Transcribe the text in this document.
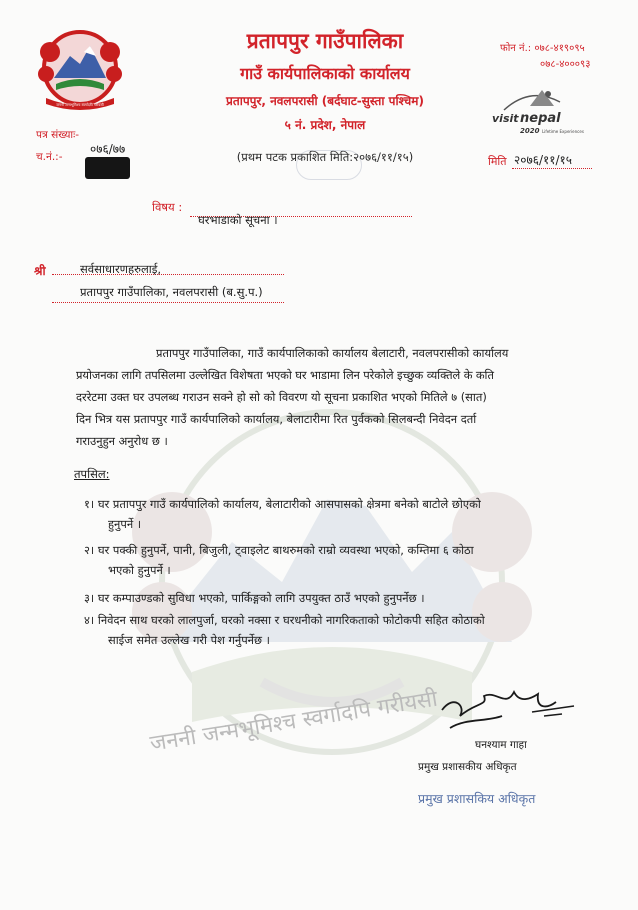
जननी जन्मभूमिश्च स्वर्गादपि गरीयसी
जननी जन्मभूमिश्च स्वर्गादपि गरीयसी
प्रतापपुर गाउँपालिका
गाउँ कार्यपालिकाको कार्यालय
प्रतापपुर, नवलपरासी (बर्दघाट-सुस्ता पश्चिम)
५ नं. प्रदेश, नेपाल
(प्रथम पटक प्रकाशित मिति:२०७६/११/१५)
फोन नं.: ०७८-४१९०९५
०७८-४०००९३
visit nepal
2020 Lifetime Experiences
पत्र संख्याः-
०७६/७७
च.नं.:-	मिति २०७६/११/१५
विषय :
घरभाडाको सूचना ।
श्री	सर्वसाधारणहरुलाई,
प्रतापपुर गाउँपालिका, नवलपरासी (ब.सु.प.)
प्रतापपुर गाउँपालिका, गाउँ कार्यपालिकाको कार्यालय बेलाटारी, नवलपरासीको कार्यालय
प्रयोजनका लागि तपसिलमा उल्लेखित विशेषता भएको घर भाडामा लिन परेकोले इच्छुक व्यक्तिले के कति
दररेटमा उक्त घर उपलब्ध गराउन सक्ने हो सो को विवरण यो सूचना प्रकाशित भएको मितिले ७ (सात)
दिन भित्र यस प्रतापपुर गाउँ कार्यपालिको कार्यालय, बेलाटारीमा रित पुर्वकको सिलबन्दी निवेदन दर्ता
गराउनुहुन अनुरोध छ ।
तपसिल:
१। घर प्रतापपुर गाउँ कार्यपालिको कार्यालय, बेलाटारीको आसपासको क्षेत्रमा बनेको बाटोले छोएको
हुनुपर्ने ।
२। घर पक्की हुनुपर्ने, पानी, बिजुली, ट्वाइलेट बाथरुमको राम्रो व्यवस्था भएको, कम्तिमा ६ कोठा
भएको हुनुपर्ने ।
३। घर कम्पाउण्डको सुविधा भएको, पार्किङ्गको लागि उपयुक्त ठाउँ भएको हुनुपर्नेछ ।
४। निवेदन साथ घरको लालपुर्जा, घरको नक्सा र घरधनीको नागरिकताको फोटोकपी सहित कोठाको
साईज समेत उल्लेख गरी पेश गर्नुपर्नेछ ।
घ.गाहा
घनश्याम गाहा
प्रमुख प्रशासकीय अधिकृत
प्रमुख प्रशासकिय अधिकृत
